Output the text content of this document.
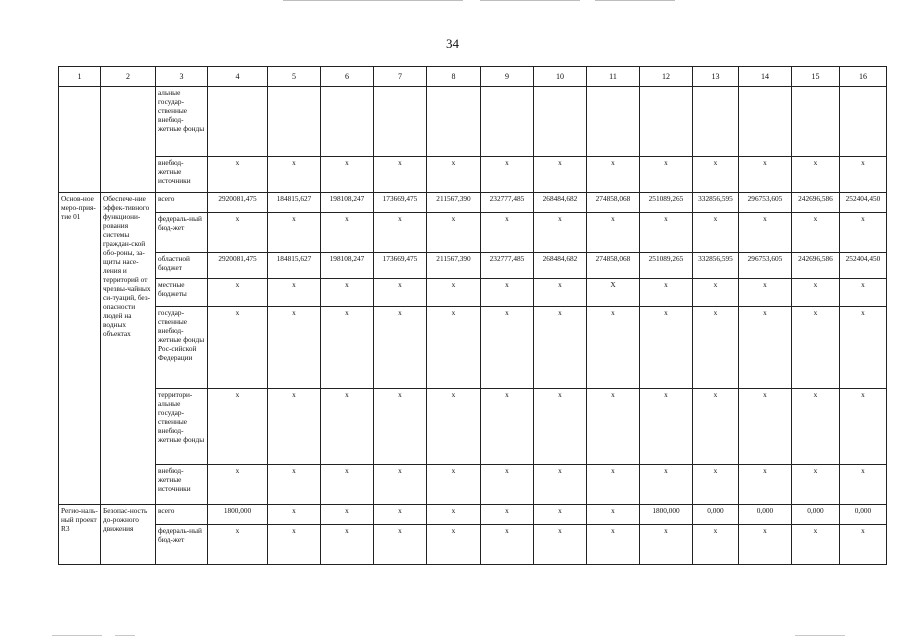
34
1	2	3	4	5	6	7	8	9	10	11	12	13	14	15	16
		альные государ-ственные внебюд-жетные фонды													
		внебюд-жетные источники	x	x	x	x	x	x	x	x	x	x	x	x	x
Основ-ное меро-прия-тие 01	Обеспече-ние эффек-тивного функциони-рования системы граждан-ской обо-роны, за-щиты насе-ления и территорий от чрезвы-чайных си-туаций, без-опасности людей на водных объектах	всего	2920081,475	184815,627	198108,247	173669,475	211567,390	232777,485	268484,682	274858,068	251089,265	332856,595	296753,605	242696,586	252404,450
		федераль-ный бюд-жет	x	x	x	x	x	x	x	x	x	x	x	x	x
		областной бюджет	2920081,475	184815,627	198108,247	173669,475	211567,390	232777,485	268484,682	274858,068	251089,265	332856,595	296753,605	242696,586	252404,450
		местные бюджеты	x	x	x	x	x	x	x	X	x	x	x	x	x
		государ-ственные внебюд-жетные фонды Рос-сийской Федерации	x	x	x	x	x	x	x	x	x	x	x	x	x
		территори-альные государ-ственные внебюд-жетные фонды	x	x	x	x	x	x	x	x	x	x	x	x	x
		внебюд-жетные источники	x	x	x	x	x	x	x	x	x	x	x	x	x
Регио-наль-ный проект R3	Безопас-ность до-рожного движения	всего	1800,000	x	x	x	x	x	x	x	1800,000	0,000	0,000	0,000	0,000
		федераль-ный бюд-жет	x	x	x	x	x	x	x	x	x	x	x	x	x
